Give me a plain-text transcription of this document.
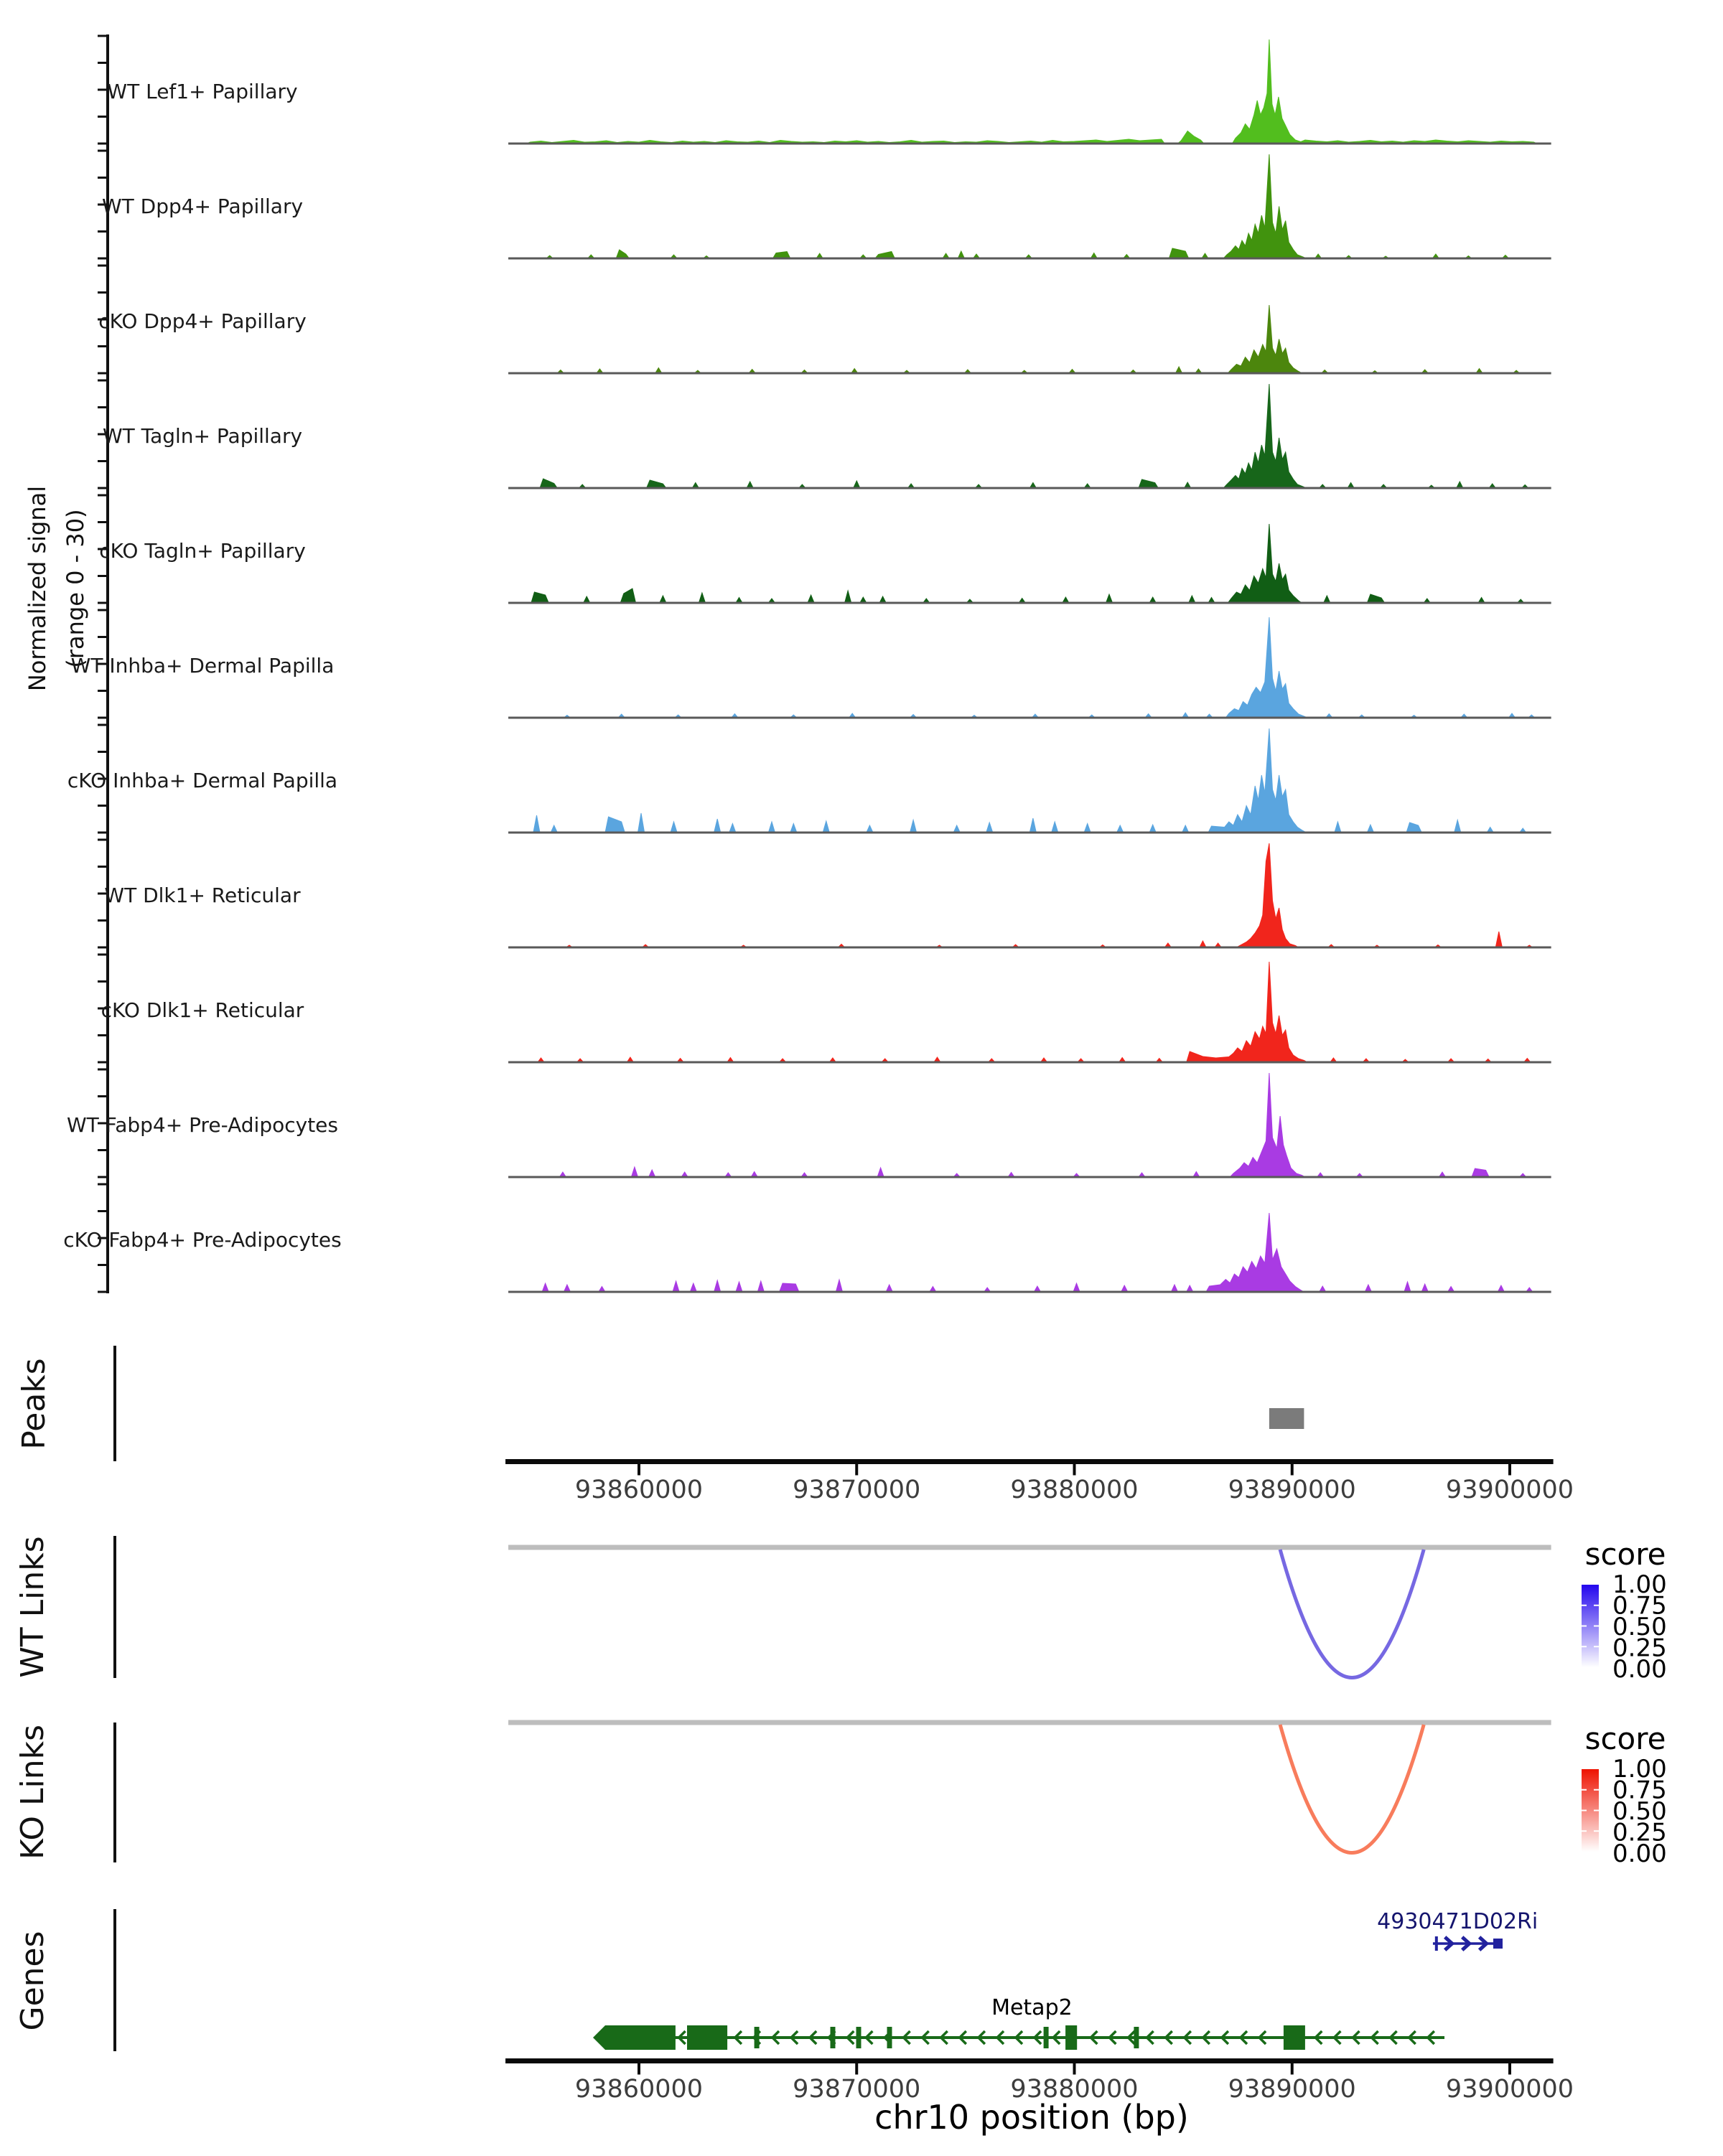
Normalized signal (range 0 - 30)
WT Lef1+ Papillary
WT Dpp4+ Papillary
cKO Dpp4+ Papillary
WT Tagln+ Papillary
cKO Tagln+ Papillary
WT Inhba+ Dermal Papilla
cKO Inhba+ Dermal Papilla
WT Dlk1+ Reticular
cKO Dlk1+ Reticular
WT Fabp4+ Pre-Adipocytes
cKO Fabp4+ Pre-Adipocytes
Peaks
93860000	93870000	93880000	93890000	93900000
93860000	93870000	93880000	93890000	93900000
chr10 position (bp)
WT Links	score
1.00
0.75
0.50
0.25
0.00
KO Links	score
1.00
0.75
0.50
0.25
0.00
Genes	Metap2
4930471D02Ri
